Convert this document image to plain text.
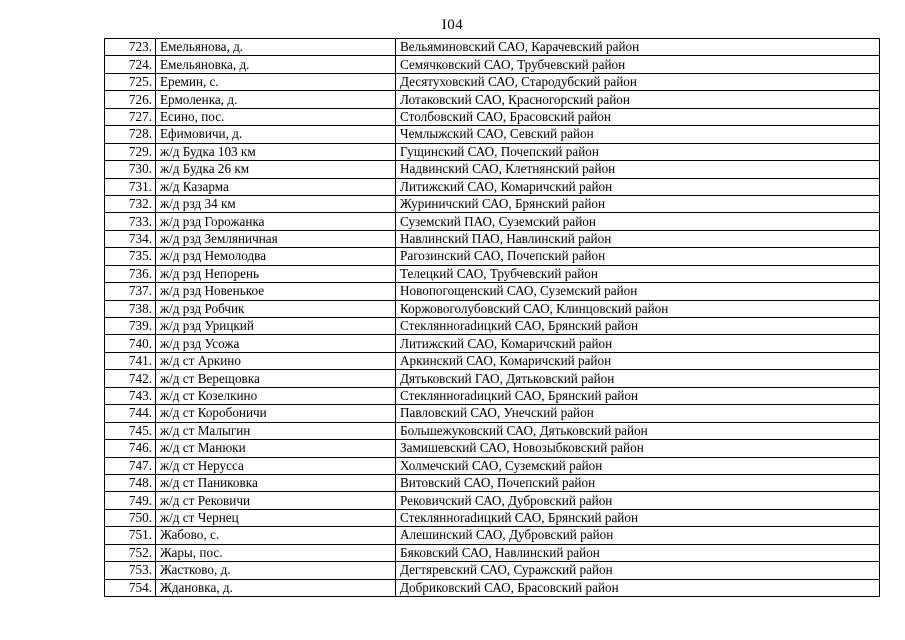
I04
723.	Емельянова, д.	Вельяминовский САО, Карачевский район
724.	Емельяновка, д.	Семячковский САО, Трубчевский район
725.	Еремин, с.	Десятуховский САО, Стародубский район
726.	Ермоленка, д.	Лотаковский САО, Красногорский район
727.	Есино, пос.	Столбовский САО, Брасовский район
728.	Ефимовичи, д.	Чемлыжский САО, Севский район
729.	ж/д Будка 103 км	Гущинский САО, Почепский район
730.	ж/д Будка 26 км	Надвинский САО, Клетнянский район
731.	ж/д Казарма	Литижский САО, Комаричский район
732.	ж/д рзд 34 км	Журиничский САО, Брянский район
733.	ж/д рзд Горожанка	Суземский ПАО, Суземский район
734.	ж/д рзд Земляничная	Навлинский ПАО, Навлинский район
735.	ж/д рзд Немолодва	Рагозинский САО, Почепский район
736.	ж/д рзд Непорень	Телецкий САО, Трубчевский район
737.	ж/д рзд Новенькое	Новопогощенский САО, Суземский район
738.	ж/д рзд Робчик	Коржовоголубовский САО, Клинцовский район
739.	ж/д рзд Урицкий	Стеклянноradицкий САО, Брянский район
740.	ж/д рзд Усожа	Литижский САО, Комаричский район
741.	ж/д ст Аркино	Аркинский САО, Комаричский район
742.	ж/д ст Верещовка	Дятьковский ГАО, Дятьковский район
743.	ж/д ст Козелкино	Стеклянноradицкий САО, Брянский район
744.	ж/д ст Коробоничи	Павловский САО, Унечский район
745.	ж/д ст Малыгин	Большежуковский САО, Дятьковский район
746.	ж/д ст Манюки	Замишевский САО, Новозыбковский район
747.	ж/д ст Нерусса	Холмечский САО, Суземский район
748.	ж/д ст Паниковка	Витовский САО, Почепский район
749.	ж/д ст Рековичи	Рековичский САО, Дубровский район
750.	ж/д ст Чернец	Стеклянноradицкий САО, Брянский район
751.	Жабово, с.	Алешинский САО, Дубровский район
752.	Жары, пос.	Бяковский САО, Навлинский район
753.	Жастково, д.	Дегтяревский САО, Суражский район
754.	Ждановка, д.	Добриковский САО, Брасовский район
